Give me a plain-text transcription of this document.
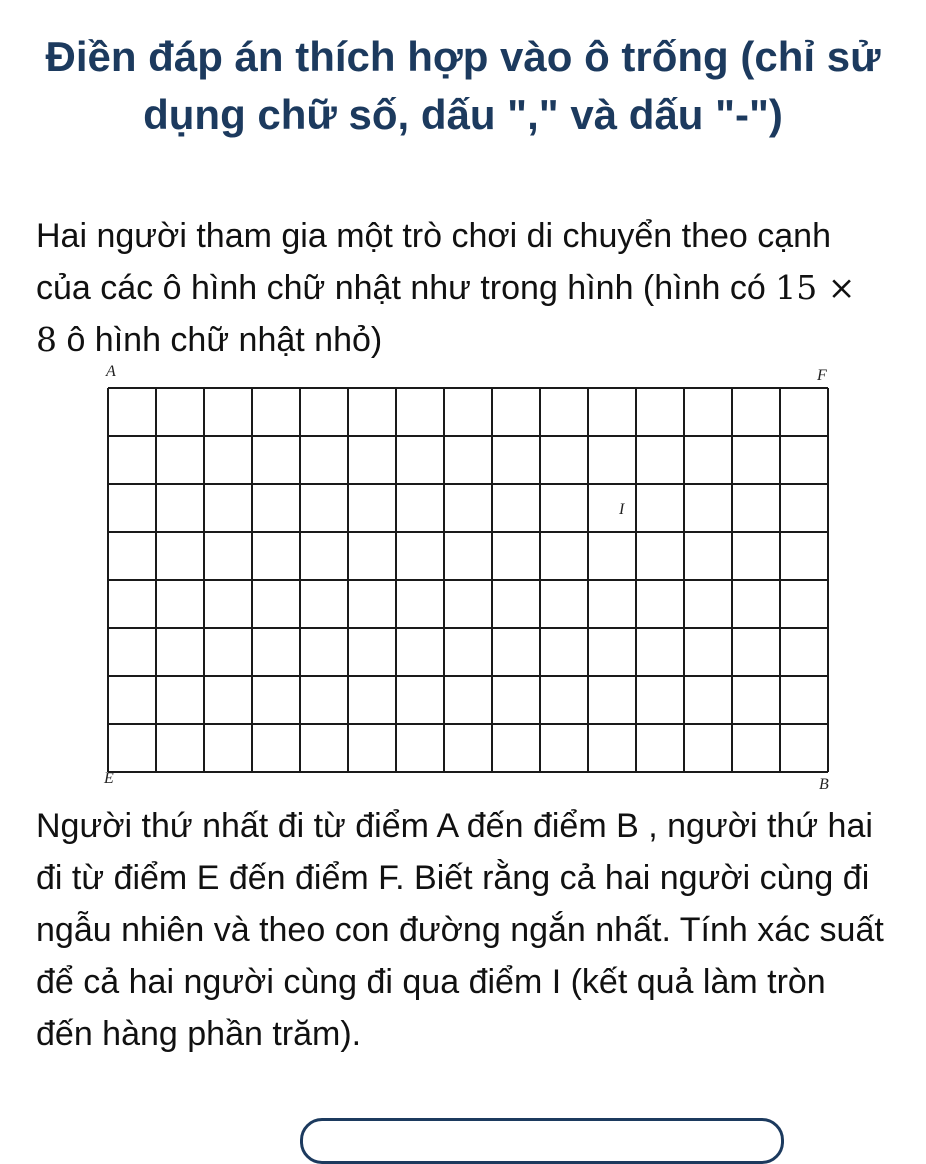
Điền đáp án thích hợp vào ô trống (chỉ sử dụng chữ số, dấu "," và dấu "-")

Hai người tham gia một trò chơi di chuyển theo cạnh của các ô hình chữ nhật như trong hình (hình có 15 × 8 ô hình chữ nhật nhỏ)

A	F
I
E	B

Người thứ nhất đi từ điểm A đến điểm B , người thứ hai đi từ điểm E đến điểm F. Biết rằng cả hai người cùng đi ngẫu nhiên và theo con đường ngắn nhất. Tính xác suất để cả hai người cùng đi qua điểm I (kết quả làm tròn đến hàng phần trăm).
